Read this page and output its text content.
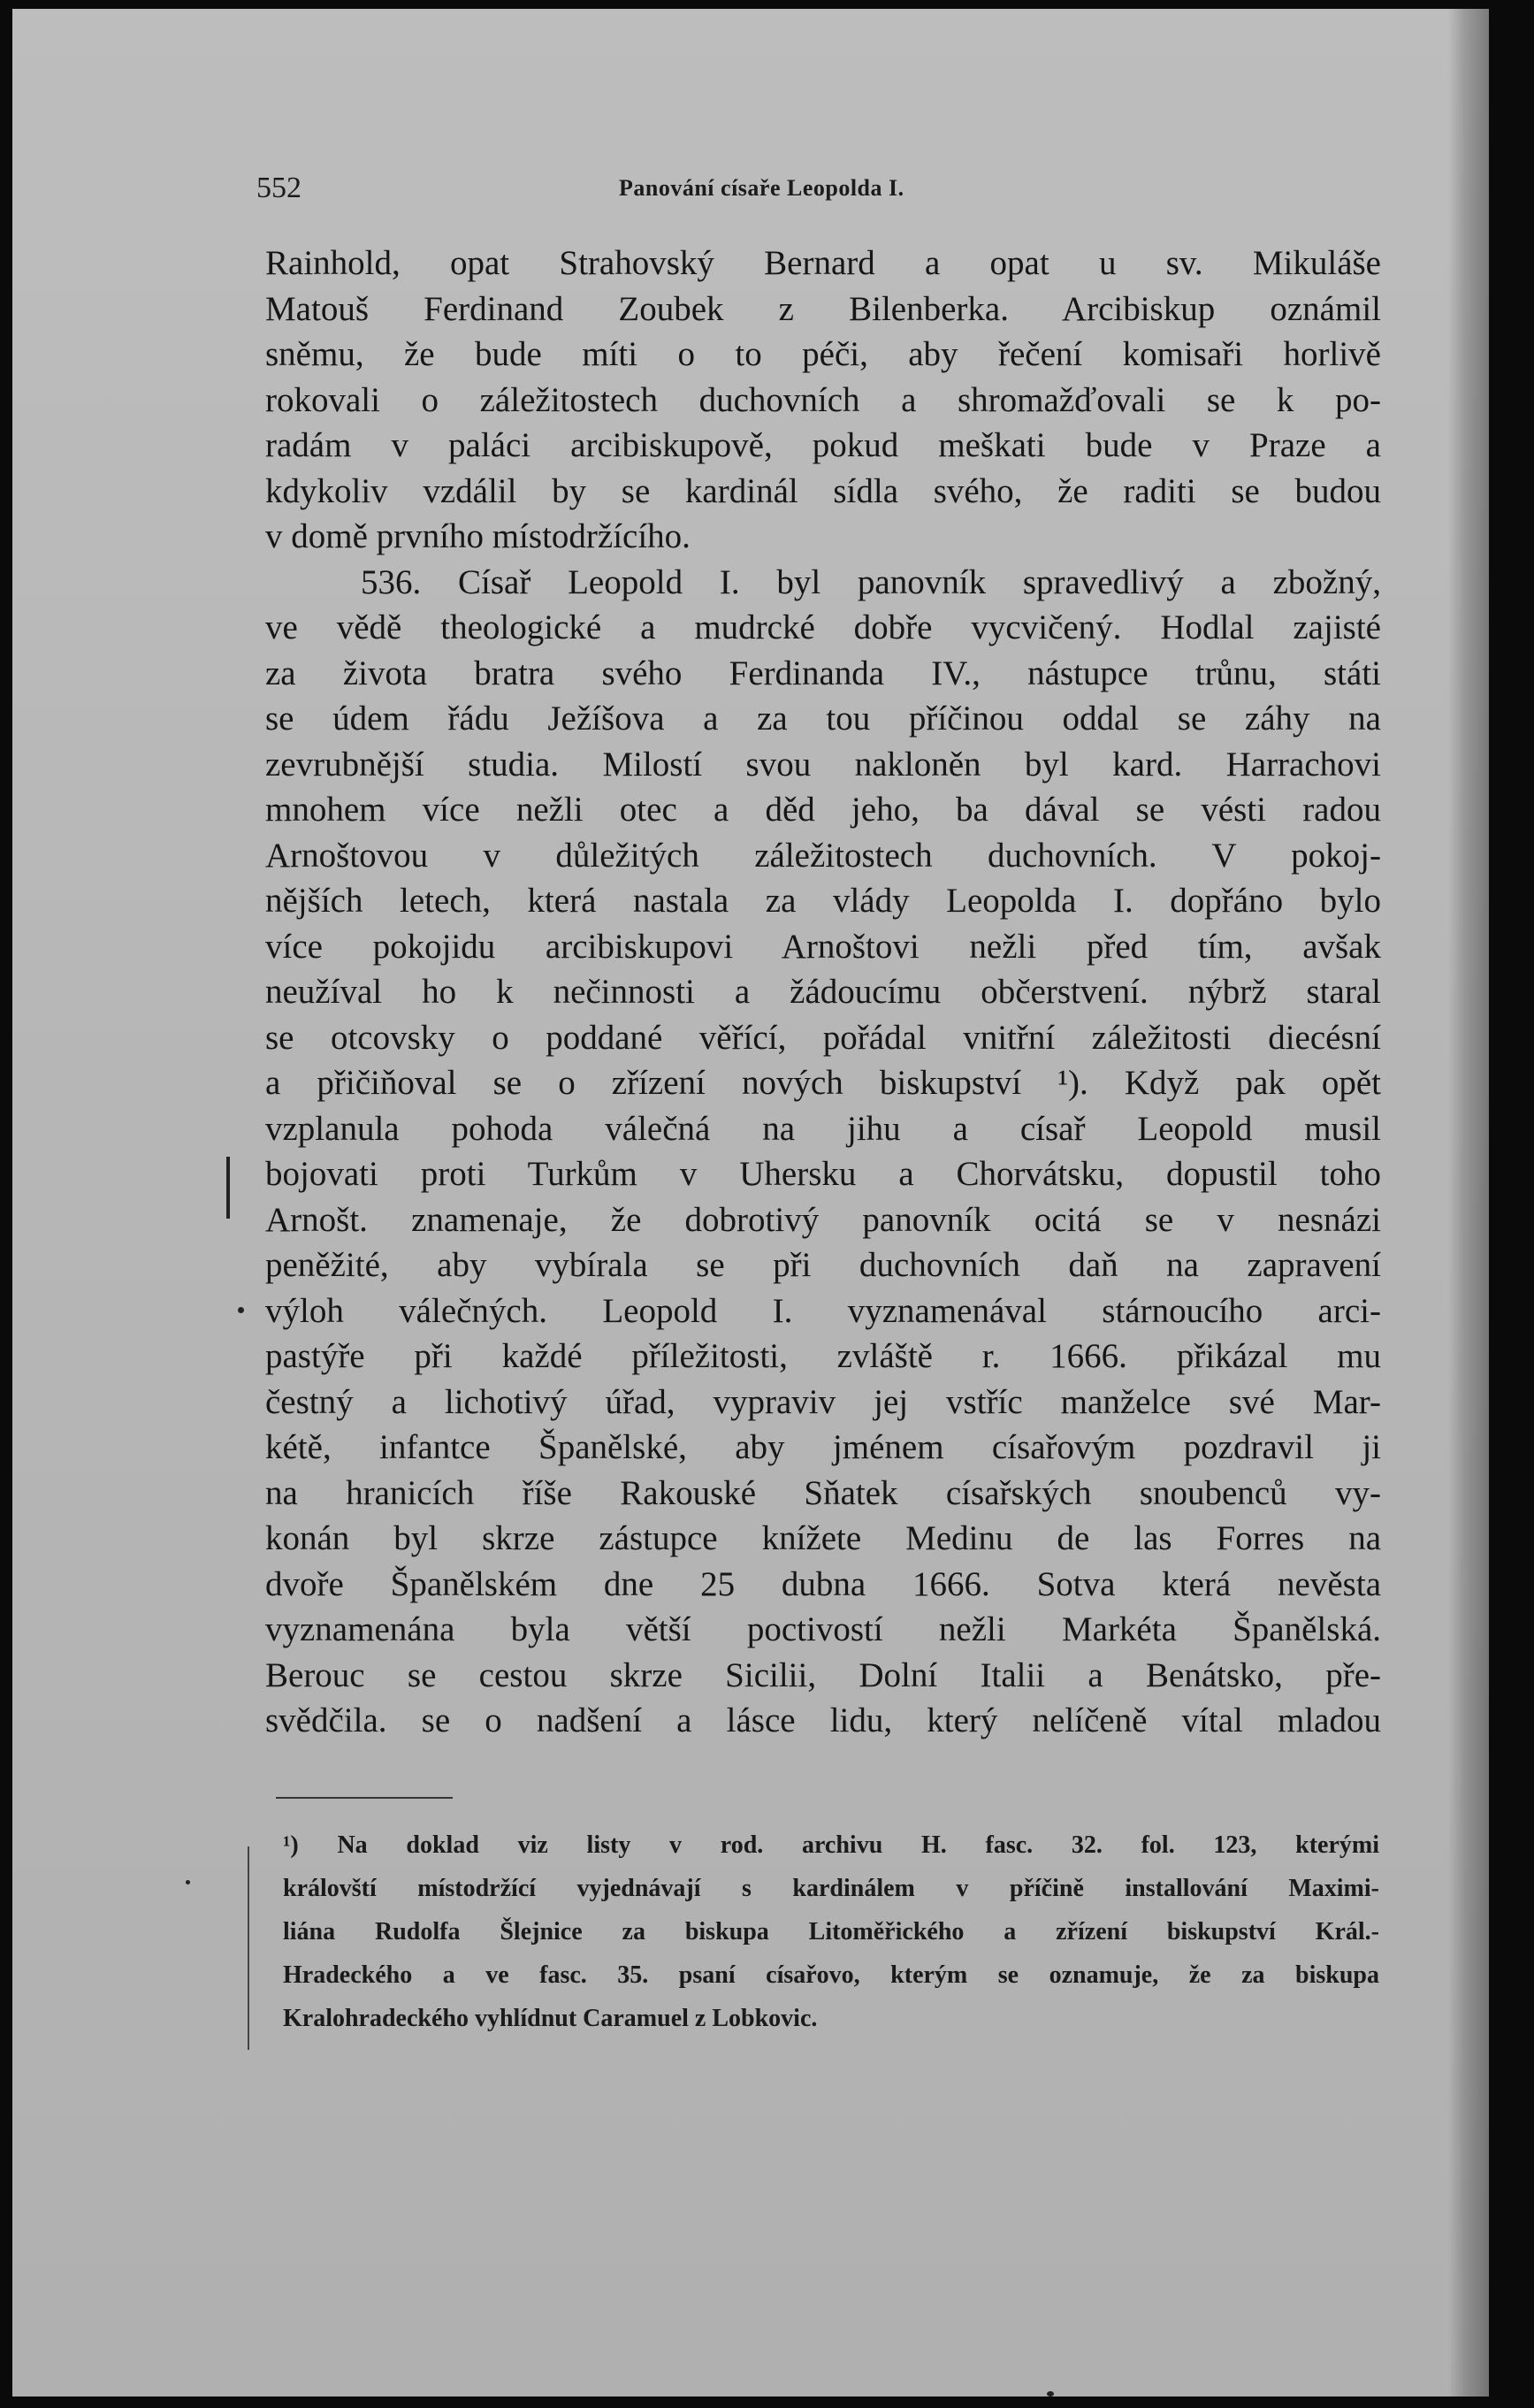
552	Panování císaře Leopolda I.
Rainhold, opat Strahovský Bernard a opat u sv. Mikuláše
Matouš Ferdinand Zoubek z Bilenberka. Arcibiskup oznámil
sněmu, že bude míti o to péči, aby řečení komisaři horlivě
rokovali o záležitostech duchovních a shromažďovali se k po-
radám v paláci arcibiskupově, pokud meškati bude v Praze a
kdykoliv vzdálil by se kardinál sídla svého, že raditi se budou
v domě prvního místodržícího.
536. Císař Leopold I. byl panovník spravedlivý a zbožný,
ve vědě theologické a mudrcké dobře vycvičený. Hodlal zajisté
za života bratra svého Ferdinanda IV., nástupce trůnu, státi
se údem řádu Ježíšova a za tou příčinou oddal se záhy na
zevrubnější studia. Milostí svou nakloněn byl kard. Harrachovi
mnohem více nežli otec a děd jeho, ba dával se vésti radou
Arnoštovou v důležitých záležitostech duchovních. V pokoj-
nějších letech, která nastala za vlády Leopolda I. dopřáno bylo
více pokojidu arcibiskupovi Arnoštovi nežli před tím, avšak
neužíval ho k nečinnosti a žádoucímu občerstvení. nýbrž staral
se otcovsky o poddané věřící, pořádal vnitřní záležitosti diecésní
a přičiňoval se o zřízení nových biskupství ¹). Když pak opět
vzplanula pohoda válečná na jihu a císař Leopold musil
bojovati proti Turkům v Uhersku a Chorvátsku, dopustil toho
Arnošt. znamenaje, že dobrotivý panovník ocitá se v nesnázi
peněžité, aby vybírala se při duchovních daň na zapravení
výloh válečných. Leopold I. vyznamenával stárnoucího arci-
pastýře při každé příležitosti, zvláště r. 1666. přikázal mu
čestný a lichotivý úřad, vypraviv jej vstříc manželce své Mar-
kétě, infantce Španělské, aby jménem císařovým pozdravil ji
na hranicích říše Rakouské Sňatek císařských snoubenců vy-
konán byl skrze zástupce knížete Medinu de las Forres na
dvoře Španělském dne 25 dubna 1666. Sotva která nevěsta
vyznamenána byla větší poctivostí nežli Markéta Španělská.
Berouc se cestou skrze Sicilii, Dolní Italii a Benátsko, pře-
svědčila. se o nadšení a lásce lidu, který nelíčeně vítal mladou
¹) Na doklad viz listy v rod. archivu H. fasc. 32. fol. 123, kterými
královští místodržící vyjednávají s kardinálem v příčině installování Maximi-
liána Rudolfa Šlejnice za biskupa Litoměřického a zřízení biskupství Král.-
Hradeckého a ve fasc. 35. psaní císařovo, kterým se oznamuje, že za biskupa
Kralohradeckého vyhlídnut Caramuel z Lobkovic.
